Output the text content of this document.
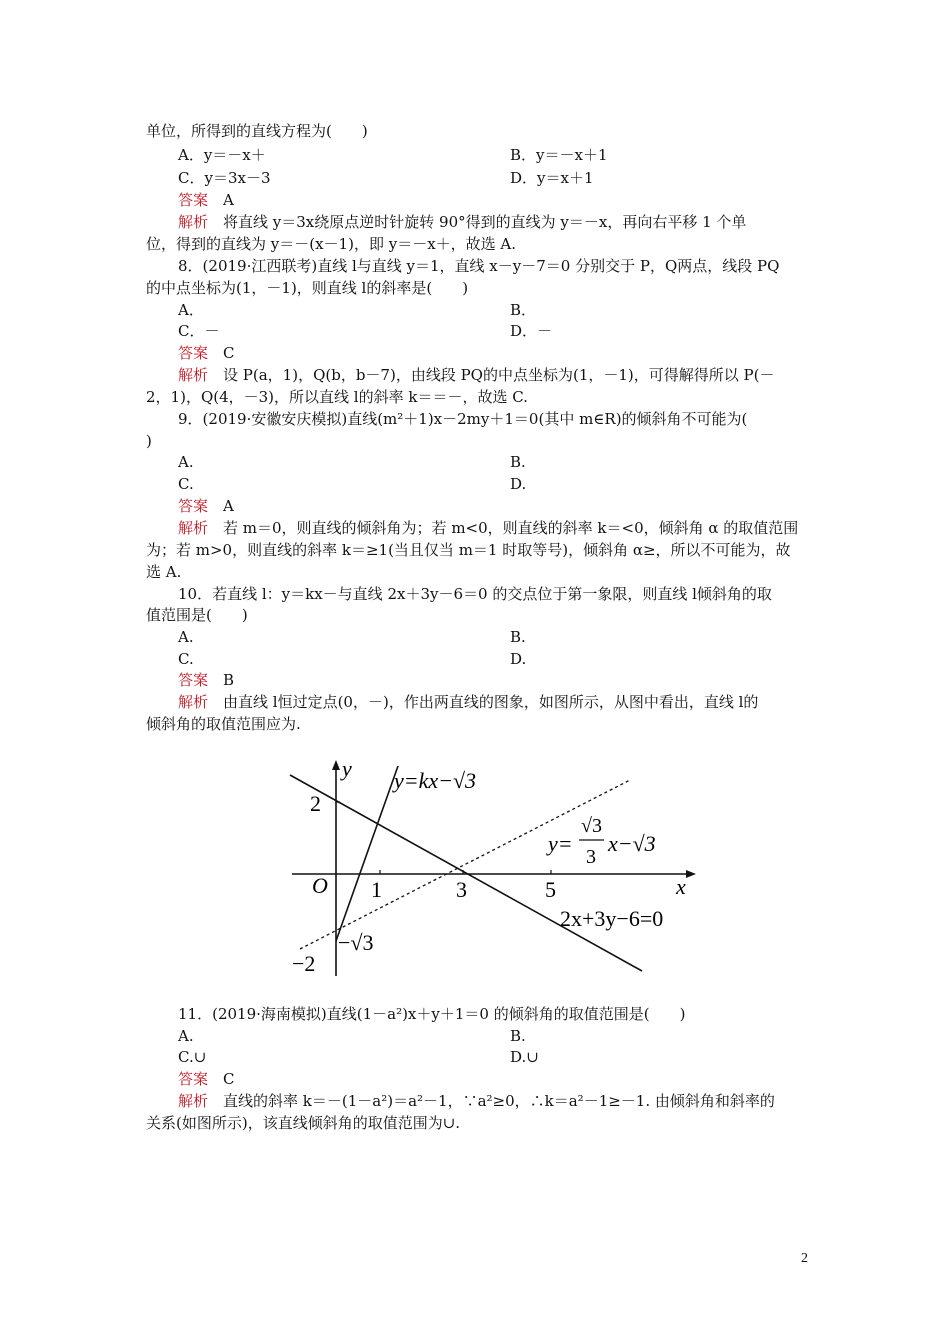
单位，所得到的直线方程为(　　)
A．y＝－x＋	B．y＝－x＋1
C．y＝3x－3	D．y＝x＋1
答案　A
解析　将直线 y＝3x绕原点逆时针旋转 90°得到的直线为 y＝－x，再向右平移 1 个单
位，得到的直线为 y＝－(x－1)，即 y＝－x＋，故选 A.
8．(2019·江西联考)直线 l与直线 y＝1，直线 x－y－7＝0 分别交于 P，Q两点，线段 PQ
的中点坐标为(1，－1)，则直线 l的斜率是(　　)
A．	B．
C．－	D．－
答案　C
解析　设 P(a，1)，Q(b，b－7)，由线段 PQ的中点坐标为(1，－1)，可得解得所以 P(－
2，1)，Q(4，－3)，所以直线 l的斜率 k＝＝－，故选 C.
9．(2019·安徽安庆模拟)直线(m²＋1)x－2my＋1＝0(其中 m∈R)的倾斜角不可能为(
)
A.	B.
C.	D.
答案　A
解析　若 m＝0，则直线的倾斜角为；若 m<0，则直线的斜率 k＝<0，倾斜角 α 的取值范围
为；若 m>0，则直线的斜率 k＝≥1(当且仅当 m＝1 时取等号)，倾斜角 α≥，所以不可能为，故
选 A.
10．若直线 l：y＝kx－与直线 2x＋3y－6＝0 的交点位于第一象限，则直线 l倾斜角的取
值范围是(　　)
A.	B.
C.	D.
答案　B
解析　由直线 l恒过定点(0，－)，作出两直线的图象，如图所示，从图中看出，直线 l的
倾斜角的取值范围应为.
y
x
O 1	3	5
2
−2
y=kx−√3
y=
√3
3
x−√3
2x+3y−6=0
−√3
11．(2019·海南模拟)直线(1－a²)x＋y＋1＝0 的倾斜角的取值范围是(　　)
A.	B.
C.∪	D.∪
答案　C
解析　直线的斜率 k＝－(1－a²)＝a²－1，∵a²≥0，∴k＝a²－1≥－1. 由倾斜角和斜率的
关系(如图所示)，该直线倾斜角的取值范围为∪.
2
